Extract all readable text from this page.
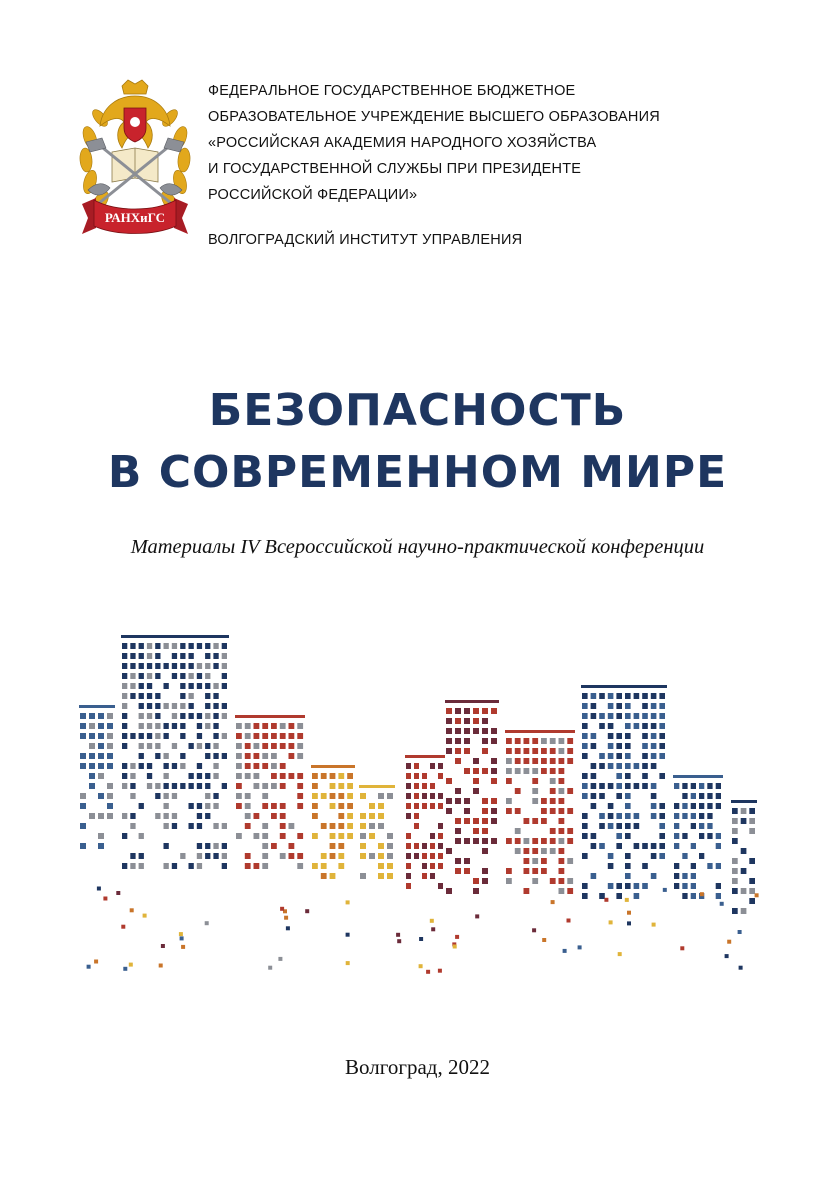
РАНХиГС
ФЕДЕРАЛЬНОЕ ГОСУДАРСТВЕННОЕ БЮДЖЕТНОЕ
ОБРАЗОВАТЕЛЬНОЕ УЧРЕЖДЕНИЕ ВЫСШЕГО ОБРАЗОВАНИЯ
«РОССИЙСКАЯ АКАДЕМИЯ НАРОДНОГО ХОЗЯЙСТВА
И ГОСУДАРСТВЕННОЙ СЛУЖБЫ ПРИ ПРЕЗИДЕНТЕ
РОССИЙСКОЙ ФЕДЕРАЦИИ»
ВОЛГОГРАДСКИЙ ИНСТИТУТ УПРАВЛЕНИЯ
БЕЗОПАСНОСТЬ
В СОВРЕМЕННОМ МИРЕ
Материалы IV Всероссийской научно-практической конференции
Волгоград, 2022
